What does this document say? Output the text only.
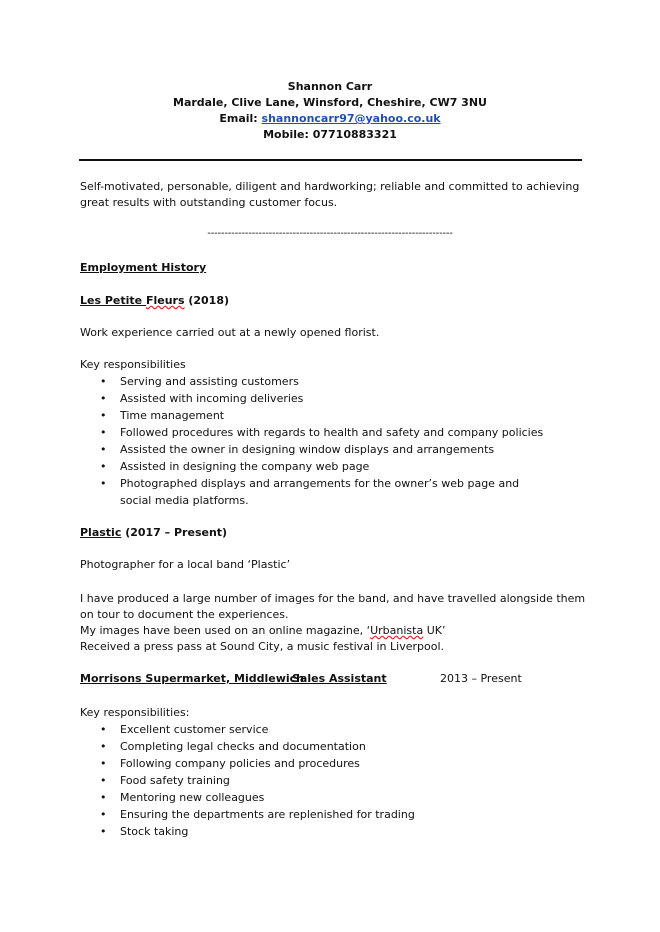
Shannon Carr
Mardale, Clive Lane, Winsford, Cheshire, CW7 3NU
Email: shannoncarr97@yahoo.co.uk
Mobile: 07710883321
Self-motivated, personable, diligent and hardworking; reliable and committed to achieving
great results with outstanding customer focus.
------------------------------------------------------------------------
Employment History
Les Petite Fleurs (2018)
Work experience carried out at a newly opened florist.
Key responsibilities
• Serving and assisting customers
• Assisted with incoming deliveries
• Time management
• Followed procedures with regards to health and safety and company policies
• Assisted the owner in designing window displays and arrangements
• Assisted in designing the company web page
• Photographed displays and arrangements for the owner’s web page and social media platforms.
Plastic (2017 – Present)
Photographer for a local band ‘Plastic’
I have produced a large number of images for the band, and have travelled alongside them
on tour to document the experiences.
My images have been used on an online magazine, ‘Urbanista UK’
Received a press pass at Sound City, a music festival in Liverpool.
Morrisons Supermarket, Middlewich
Sales Assistant	2013 – Present
Key responsibilities:
• Excellent customer service
• Completing legal checks and documentation
• Following company policies and procedures
• Food safety training
• Mentoring new colleagues
• Ensuring the departments are replenished for trading
• Stock taking
